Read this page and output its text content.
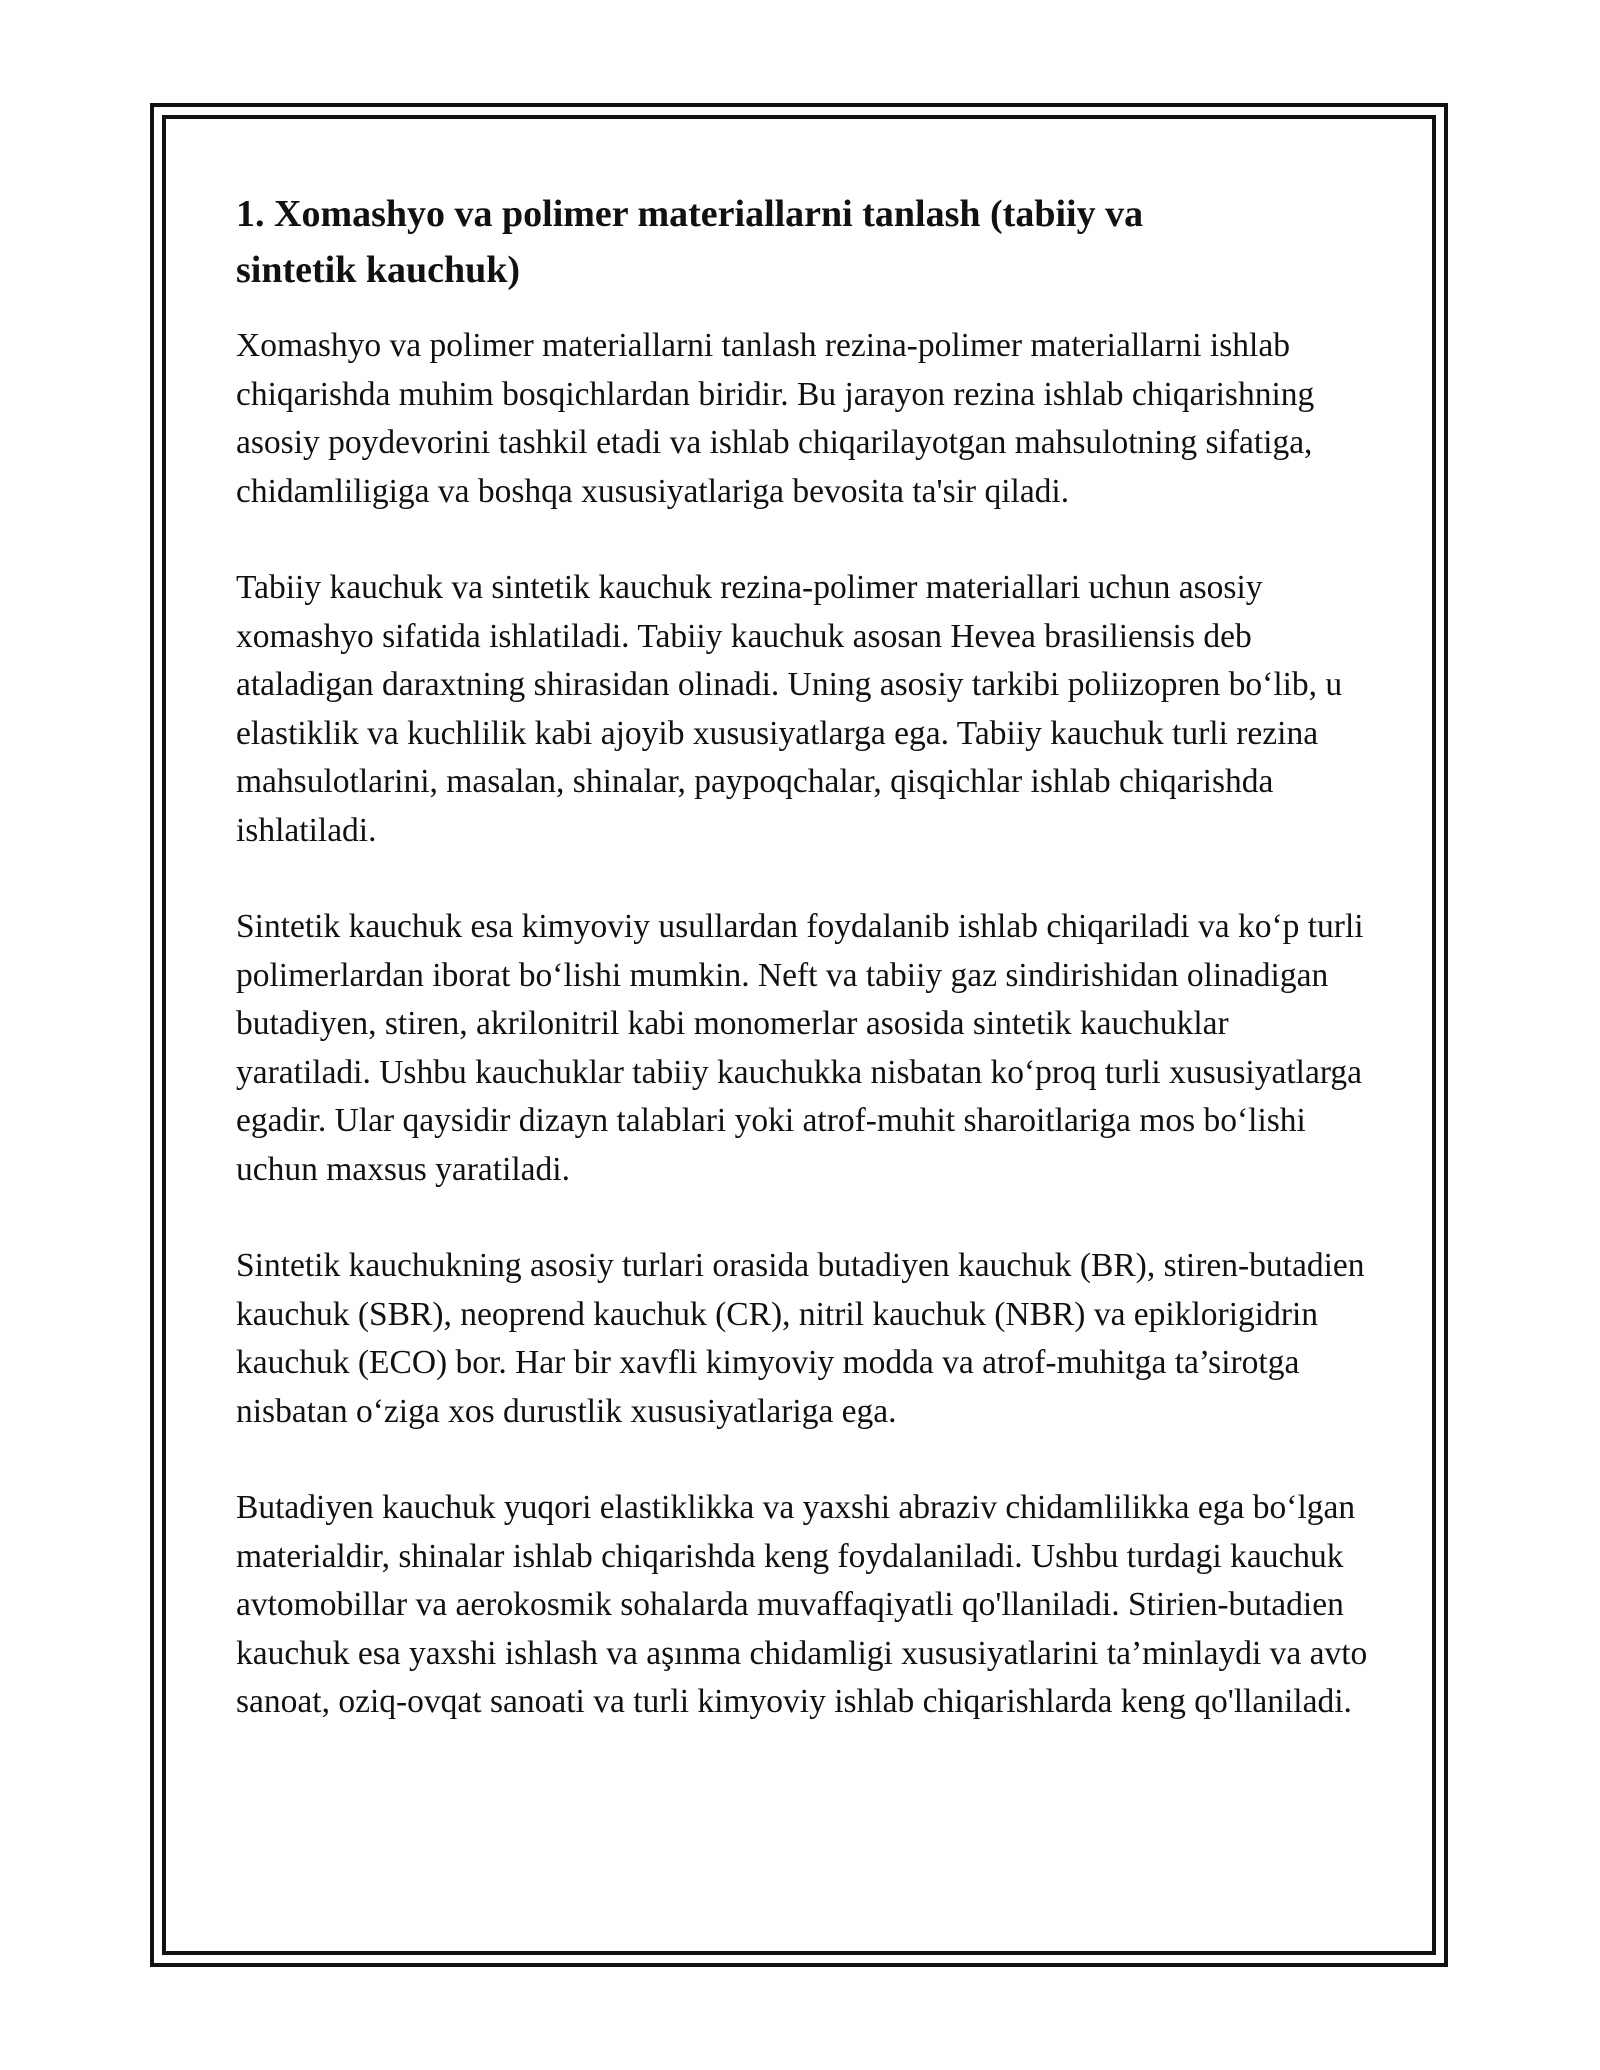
1. Xomashyo va polimer materiallarni tanlash (tabiiy va sintetik kauchuk)

Xomashyo va polimer materiallarni tanlash rezina-polimer materiallarni ishlab chiqarishda muhim bosqichlardan biridir. Bu jarayon rezina ishlab chiqarishning asosiy poydevorini tashkil etadi va ishlab chiqarilayotgan mahsulotning sifatiga, chidamliligiga va boshqa xususiyatlariga bevosita ta'sir qiladi.

Tabiiy kauchuk va sintetik kauchuk rezina-polimer materiallari uchun asosiy xomashyo sifatida ishlatiladi. Tabiiy kauchuk asosan Hevea brasiliensis deb ataladigan daraxtning shirasidan olinadi. Uning asosiy tarkibi poliizopren bo‘lib, u elastiklik va kuchlilik kabi ajoyib xususiyatlarga ega. Tabiiy kauchuk turli rezina mahsulotlarini, masalan, shinalar, paypoqchalar, qisqichlar ishlab chiqarishda ishlatiladi.

Sintetik kauchuk esa kimyoviy usullardan foydalanib ishlab chiqariladi va ko‘p turli polimerlardan iborat bo‘lishi mumkin. Neft va tabiiy gaz sindirishidan olinadigan butadiyen, stiren, akrilonitril kabi monomerlar asosida sintetik kauchuklar yaratiladi. Ushbu kauchuklar tabiiy kauchukka nisbatan ko‘proq turli xususiyatlarga egadir. Ular qaysidir dizayn talablari yoki atrof-muhit sharoitlariga mos bo‘lishi uchun maxsus yaratiladi.

Sintetik kauchukning asosiy turlari orasida butadiyen kauchuk (BR), stiren-butadien kauchuk (SBR), neoprend kauchuk (CR), nitril kauchuk (NBR) va epiklorigidrin kauchuk (ECO) bor. Har bir xavfli kimyoviy modda va atrof-muhitga ta’sirotga nisbatan o‘ziga xos durustlik xususiyatlariga ega.

Butadiyen kauchuk yuqori elastiklikka va yaxshi abraziv chidamlilikka ega bo‘lgan materialdir, shinalar ishlab chiqarishda keng foydalaniladi. Ushbu turdagi kauchuk avtomobillar va aerokosmik sohalarda muvaffaqiyatli qo'llaniladi. Stirien-butadien kauchuk esa yaxshi ishlash va aşınma chidamligi xususiyatlarini ta’minlaydi va avto sanoat, oziq-ovqat sanoati va turli kimyoviy ishlab chiqarishlarda keng qo'llaniladi.
